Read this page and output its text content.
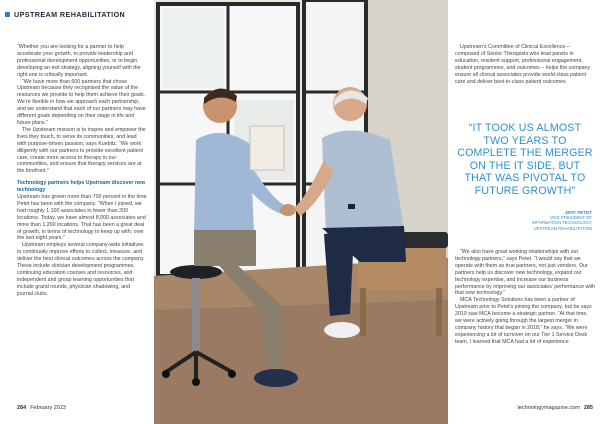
UPSTREAM REHABILITATION

“Whether you are looking for a partner to help accelerate your growth, to provide leadership and professional development opportunities, or to begin developing an exit strategy, aligning yourself with the right one is critically important.

“We have more than 600 partners that chose Upstream because they recognised the value of the resources we provide to help them achieve their goals. We’re flexible in how we approach each partnership, and we understand that each of our partners may have different goals depending on their stage in life and future plans.”

The Upstream mission is to inspire and empower the lives they touch, to serve its communities, and lead with purpose-driven passion, says Kuebitz. “We work diligently with our partners to provide excellent patient care, create more access to therapy in our communities, and ensure that therapy services are at the forefront.”

Technology partners helps Upstream discover new technology

Upstream has grown more than 700 percent in the time Petet has been with the company. “When I joined, we had roughly 1,100 associates in fewer than 200 locations. Today, we have almost 8,000 associates and more than 1,200 locations. That has been a great deal of growth, in terms of technology to keep up with, over the last eight years.”

Upstream employs several company-wide initiatives to continually improve efforts to collect, measure, and deliver the best clinical outcomes across the company. These include clinician development programmes, continuing education courses and resources, and independent and group learning opportunities that include grand rounds, physician shadowing, and journal clubs.

284 February 2023

Upstream’s Committee of Clinical Excellence – composed of Senior Therapists who lead panels in education, resident support, professional engagement, student programmes, and outcomes – helps the company ensure all clinical associates provide world-class patient care and deliver best-in-class patient outcomes.

“IT TOOK US ALMOST TWO YEARS TO COMPLETE THE MERGER ON THE IT SIDE, BUT THAT WAS PIVOTAL TO FUTURE GROWTH”
JEFF PETET
VICE PRESIDENT OF
INFORMATION TECHNOLOGY,
UPSTREAM REHABILITATION

“We also have great working relationships with our technology partners,” says Petet. “I would say that we operate with them as true partners, not just vendors. Our partners help us discover new technology, expand our technology expertise, and increase our business performance by improving our associates’ performance with that new technology.”

MCA Technology Solutions has been a partner of Upstream prior to Petet’s joining the company, but he says 2019 saw MCA become a strategic partner. “At that time, we were actively going through the largest merger in company history that began in 2018,” he says. “We were experiencing a lot of turnover on our Tier 1 Service Desk team. I learned that MCA had a lot of experience

technologymagazine.com 285
